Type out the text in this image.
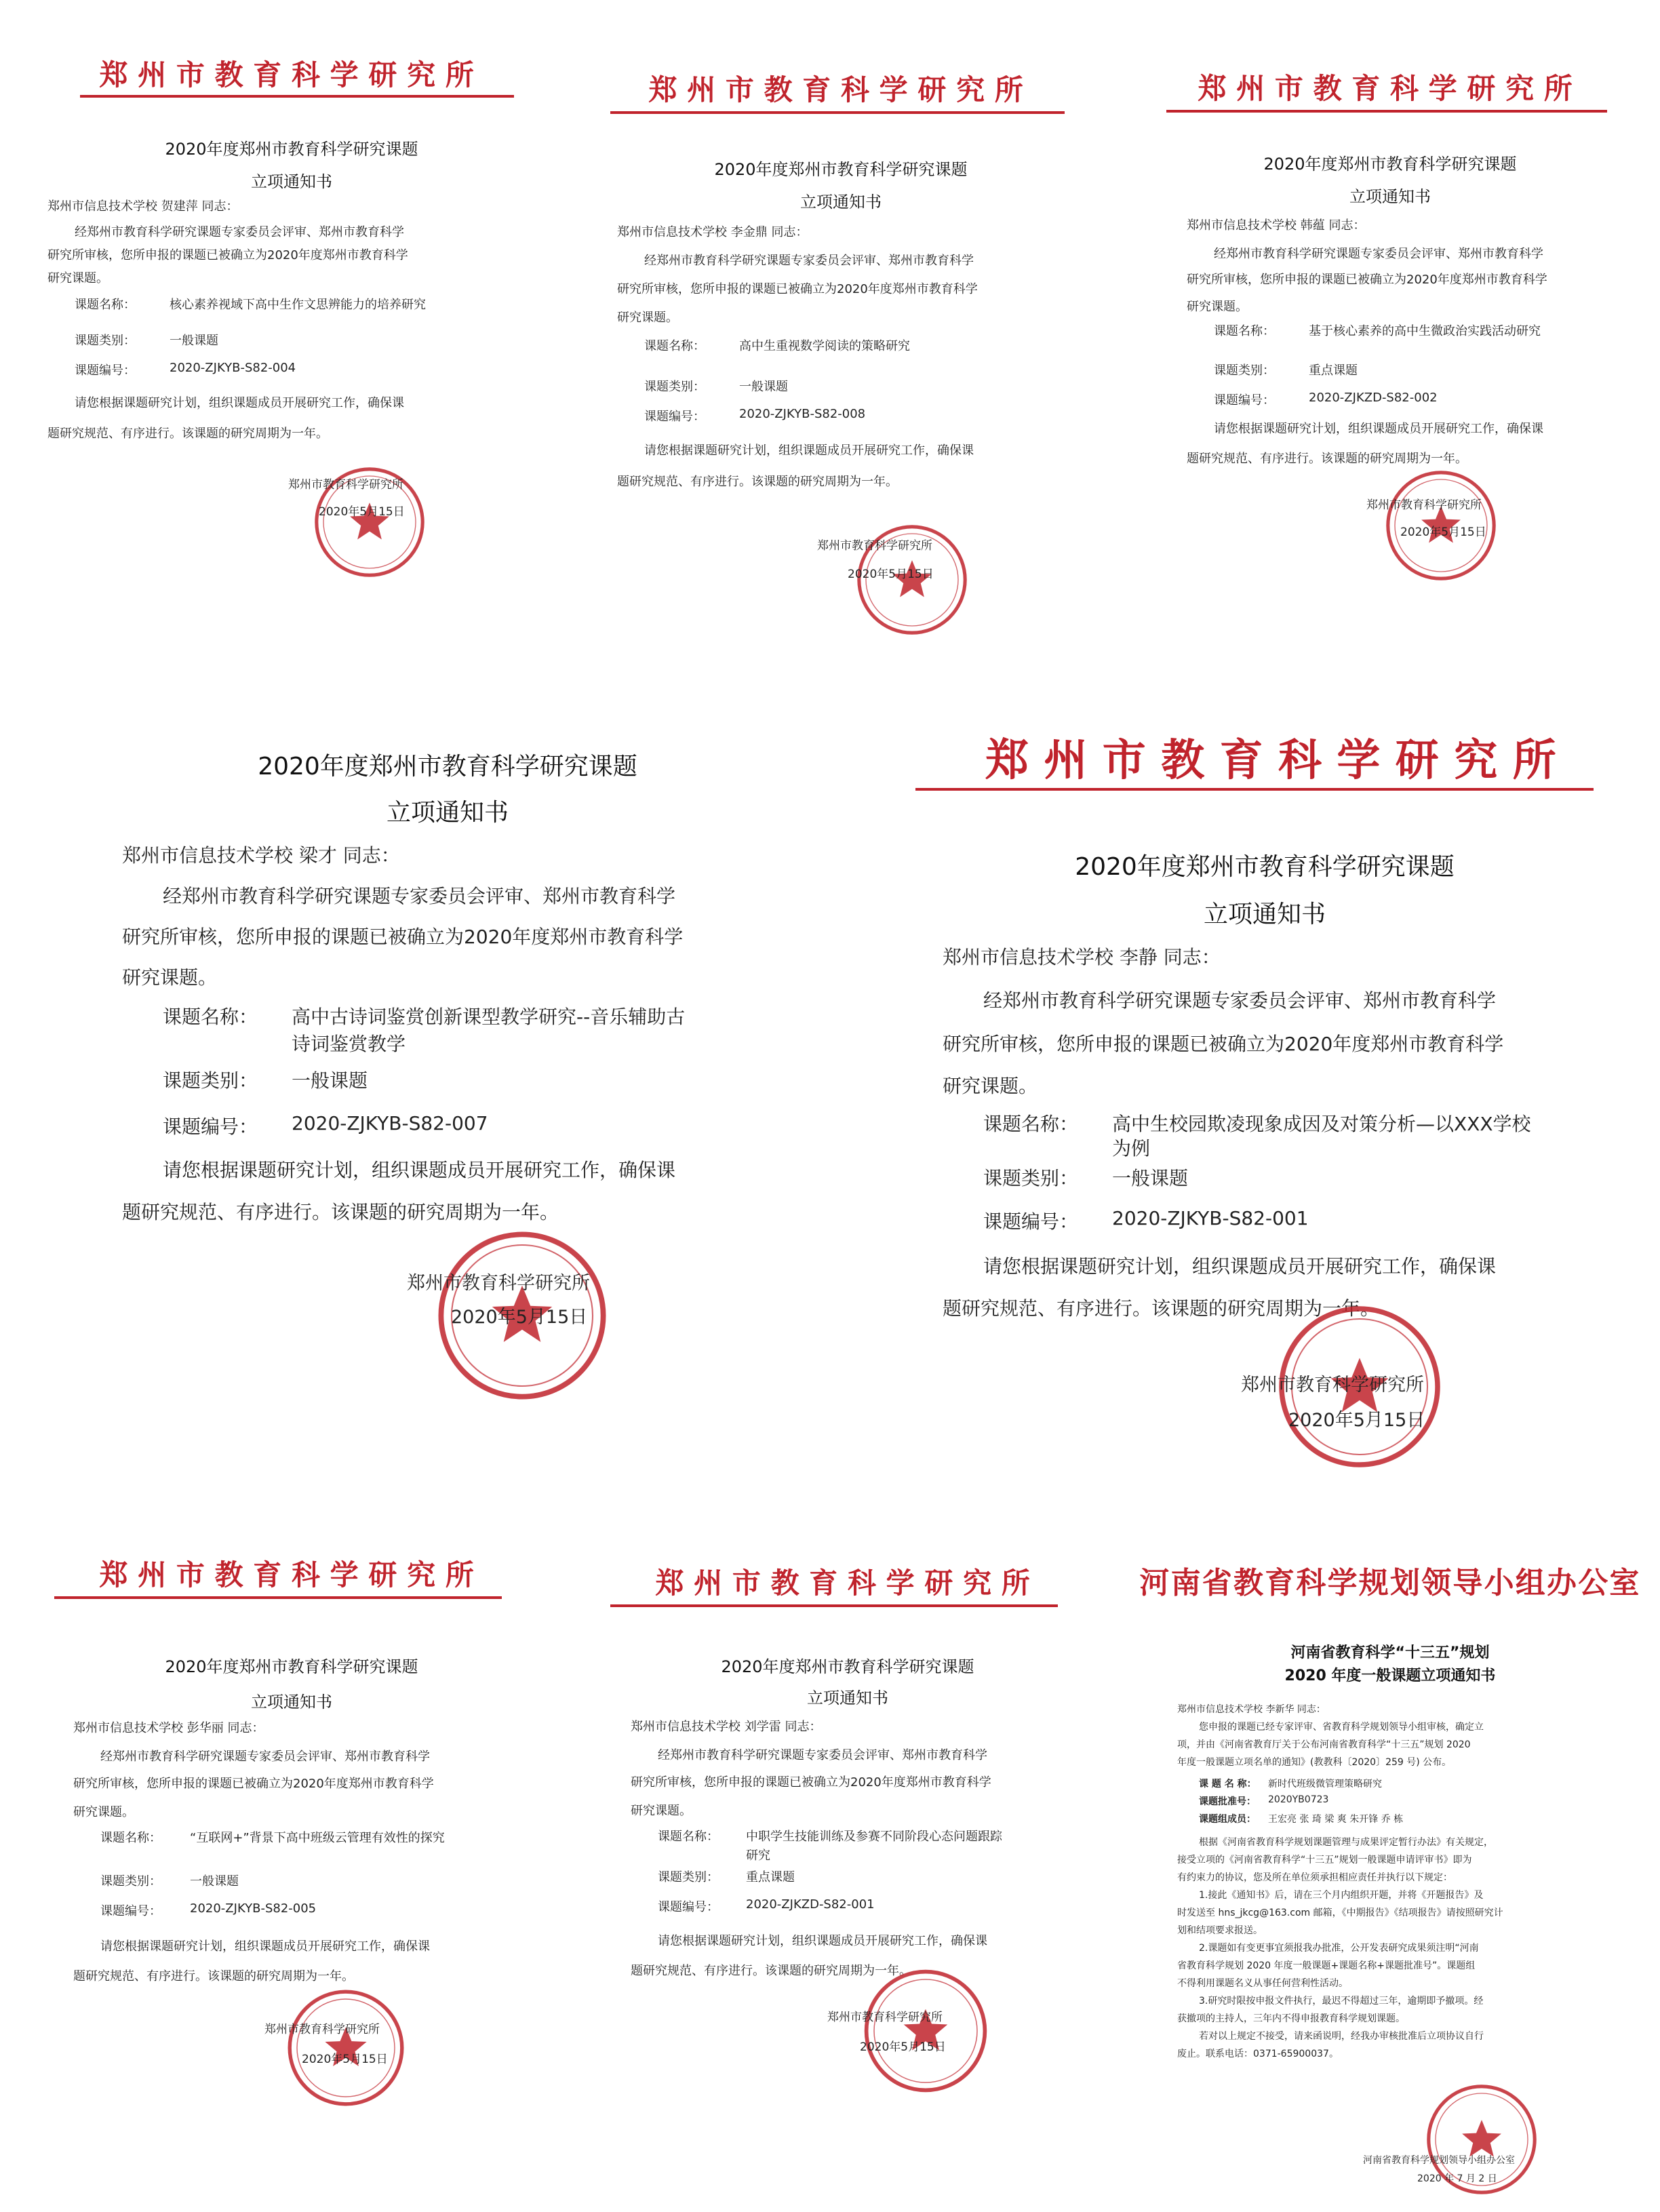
郑州市教育科学研究所
2020年度郑州市教育科学研究课题
立项通知书
郑州市信息技术学校 贺建萍 同志：
经郑州市教育科学研究课题专家委员会评审、郑州市教育科学
研究所审核，您所申报的课题已被确立为2020年度郑州市教育科学
研究课题。
课题名称：	核心素养视域下高中生作文思辨能力的培养研究
课题类别：	一般课题
课题编号：	2020-ZJKYB-S82-004
请您根据课题研究计划，组织课题成员开展研究工作，确保课
题研究规范、有序进行。该课题的研究周期为一年。
郑州市教育科学研究所
2020年5月15日
郑州市教育科学研究所
2020年度郑州市教育科学研究课题
立项通知书
郑州市信息技术学校 李金鼎 同志：
经郑州市教育科学研究课题专家委员会评审、郑州市教育科学
研究所审核，您所申报的课题已被确立为2020年度郑州市教育科学
研究课题。
课题名称：	高中生重视数学阅读的策略研究
课题类别：	一般课题
课题编号：	2020-ZJKYB-S82-008
请您根据课题研究计划，组织课题成员开展研究工作，确保课
题研究规范、有序进行。该课题的研究周期为一年。
郑州市教育科学研究所
2020年5月15日
郑州市教育科学研究所
2020年度郑州市教育科学研究课题
立项通知书
郑州市信息技术学校 韩蕴 同志：
经郑州市教育科学研究课题专家委员会评审、郑州市教育科学
研究所审核，您所申报的课题已被确立为2020年度郑州市教育科学
研究课题。
课题名称：	基于核心素养的高中生微政治实践活动研究
课题类别：	重点课题
课题编号：	2020-ZJKZD-S82-002
请您根据课题研究计划，组织课题成员开展研究工作，确保课
题研究规范、有序进行。该课题的研究周期为一年。
郑州市教育科学研究所
2020年5月15日
2020年度郑州市教育科学研究课题
立项通知书
郑州市信息技术学校 梁才 同志：
经郑州市教育科学研究课题专家委员会评审、郑州市教育科学
研究所审核，您所申报的课题已被确立为2020年度郑州市教育科学
研究课题。
课题名称： 高中古诗词鉴赏创新课型教学研究--音乐辅助古
诗词鉴赏教学
课题类别： 一般课题
课题编号： 2020-ZJKYB-S82-007
请您根据课题研究计划，组织课题成员开展研究工作，确保课
题研究规范、有序进行。该课题的研究周期为一年。
郑州市教育科学研究所
2020年5月15日
郑州市教育科学研究所
2020年度郑州市教育科学研究课题
立项通知书
郑州市信息技术学校 李静 同志：
经郑州市教育科学研究课题专家委员会评审、郑州市教育科学
研究所审核，您所申报的课题已被确立为2020年度郑州市教育科学
研究课题。
课题名称： 高中生校园欺凌现象成因及对策分析—以XXX学校
为例
课题类别： 一般课题
课题编号： 2020-ZJKYB-S82-001
请您根据课题研究计划，组织课题成员开展研究工作，确保课
题研究规范、有序进行。该课题的研究周期为一年。
郑州市教育科学研究所
2020年5月15日
郑州市教育科学研究所
2020年度郑州市教育科学研究课题
立项通知书
郑州市信息技术学校 彭华丽 同志：
经郑州市教育科学研究课题专家委员会评审、郑州市教育科学
研究所审核，您所申报的课题已被确立为2020年度郑州市教育科学
研究课题。
课题名称： “互联网+”背景下高中班级云管理有效性的探究
课题类别： 一般课题
课题编号： 2020-ZJKYB-S82-005
请您根据课题研究计划，组织课题成员开展研究工作，确保课
题研究规范、有序进行。该课题的研究周期为一年。
郑州市教育科学研究所
2020年5月15日
郑州市教育科学研究所
2020年度郑州市教育科学研究课题
立项通知书
郑州市信息技术学校 刘学雷 同志：
经郑州市教育科学研究课题专家委员会评审、郑州市教育科学
研究所审核，您所申报的课题已被确立为2020年度郑州市教育科学
研究课题。
课题名称： 中职学生技能训练及参赛不同阶段心态问题跟踪
研究
课题类别： 重点课题
课题编号： 2020-ZJKZD-S82-001
请您根据课题研究计划，组织课题成员开展研究工作，确保课
题研究规范、有序进行。该课题的研究周期为一年。
郑州市教育科学研究所
2020年5月15日
河南省教育科学规划领导小组办公室
河南省教育科学“十三五”规划
2020 年度一般课题立项通知书
郑州市信息技术学校 李新华 同志：
您申报的课题已经专家评审、省教育科学规划领导小组审核，确定立
项，并由《河南省教育厅关于公布河南省教育科学“十三五”规划 2020
年度一般课题立项名单的通知》(教教科〔2020〕259 号) 公布。
课 题 名 称： 新时代班级微管理策略研究
课题批准号： 2020YB0723
课题组成员： 王宏亮 张 琦 梁 爽 朱开锋 乔 栋
根据《河南省教育科学规划课题管理与成果评定暂行办法》有关规定，
接受立项的《河南省教育科学“十三五”规划一般课题申请评审书》即为
有约束力的协议，您及所在单位须承担相应责任并执行以下规定：
1.接此《通知书》后，请在三个月内组织开题，并将《开题报告》及
时发送至 hns_jkcg@163.com 邮箱，《中期报告》《结项报告》请按照研究计
划和结项要求报送。
2.课题如有变更事宜须报我办批准，公开发表研究成果须注明“河南
省教育科学规划 2020 年度一般课题+课题名称+课题批准号”。课题组
不得利用课题名义从事任何营利性活动。
3.研究时限按申报文件执行，最迟不得超过三年，逾期即予撤项。经
获撤项的主持人，三年内不得申报教育科学规划课题。
若对以上规定不接受，请来函说明，经我办审核批准后立项协议自行
废止。联系电话：0371-65900037。
河南省教育科学规划领导小组办公室
2020 年 7 月 2 日
